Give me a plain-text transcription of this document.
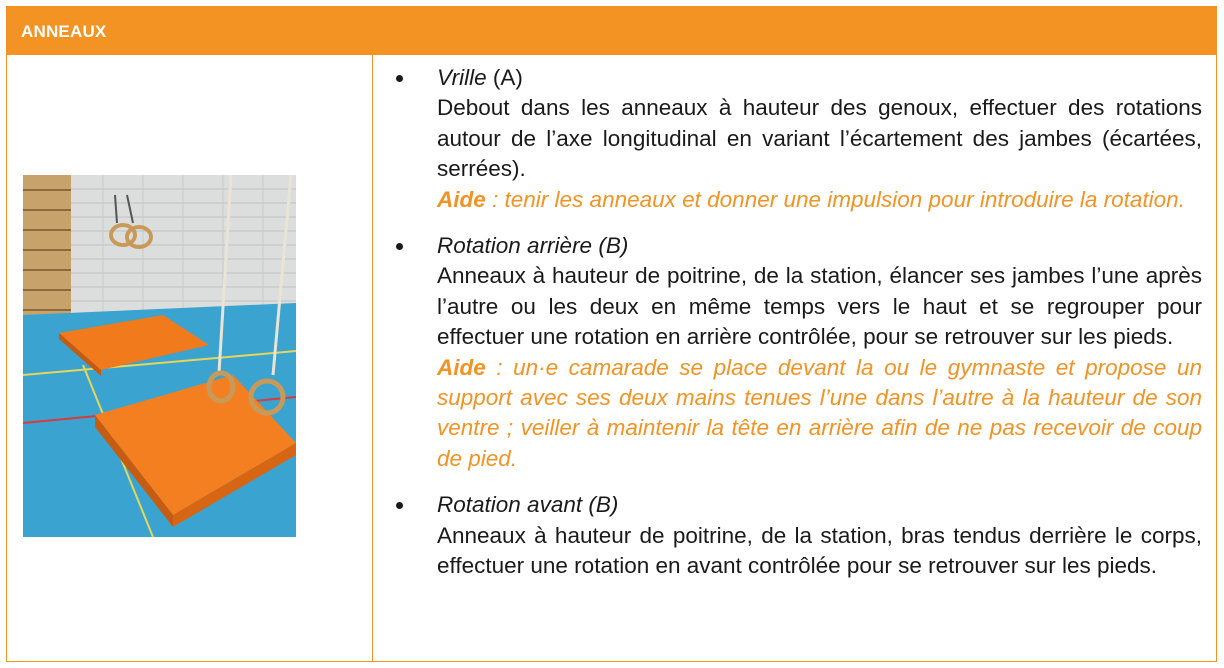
ANNEAUX
Vrille (A)
Debout dans les anneaux à hauteur des genoux, effectuer des rotations autour de l’axe longitudinal en variant l’écartement des jambes (écartées, serrées).
Aide : tenir les anneaux et donner une impulsion pour introduire la rotation.
Rotation arrière (B)
Anneaux à hauteur de poitrine, de la station, élancer ses jambes l’une après l’autre ou les deux en même temps vers le haut et se regrouper pour effectuer une rotation en arrière contrôlée, pour se retrouver sur les pieds.
Aide : un·e camarade se place devant la ou le gymnaste et propose un support avec ses deux mains tenues l’une dans l’autre à la hauteur de son ventre ; veiller à maintenir la tête en arrière afin de ne pas recevoir de coup de pied.
Rotation avant (B)
Anneaux à hauteur de poitrine, de la station, bras tendus derrière le corps, effectuer une rotation en avant contrôlée pour se retrouver sur les pieds.
